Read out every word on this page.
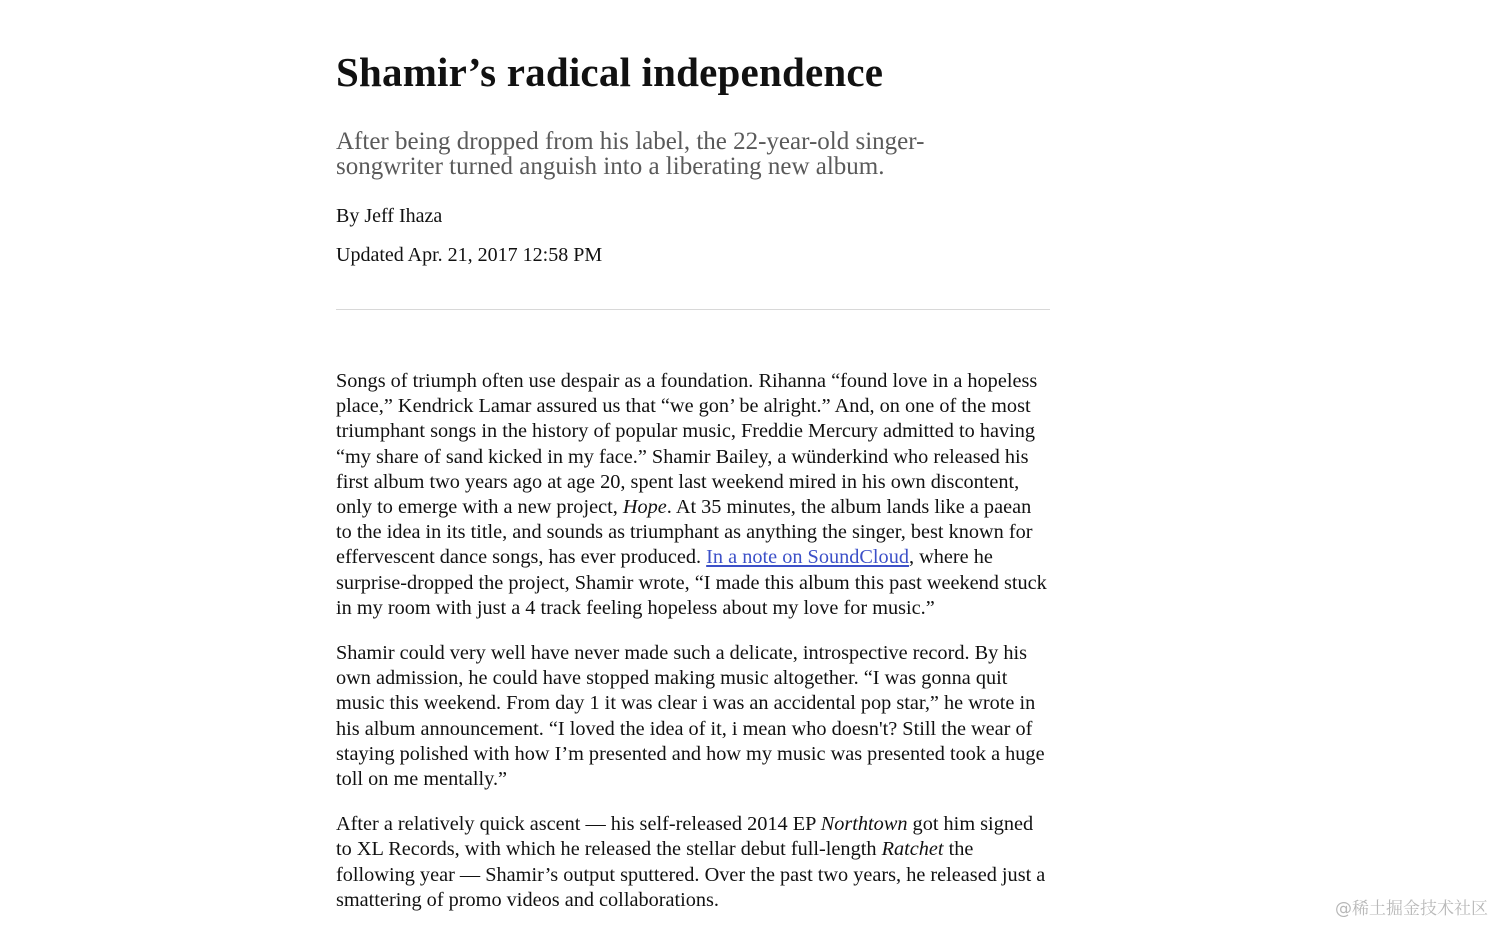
Shamir’s radical independence

After being dropped from his label, the 22-year-old singer-songwriter turned anguish into a liberating new album.

By Jeff Ihaza

Updated Apr. 21, 2017 12:58 PM

Songs of triumph often use despair as a foundation. Rihanna “found love in a hopeless place,” Kendrick Lamar assured us that “we gon’ be alright.” And, on one of the most triumphant songs in the history of popular music, Freddie Mercury admitted to having “my share of sand kicked in my face.” Shamir Bailey, a wünderkind who released his first album two years ago at age 20, spent last weekend mired in his own discontent, only to emerge with a new project, Hope. At 35 minutes, the album lands like a paean to the idea in its title, and sounds as triumphant as anything the singer, best known for effervescent dance songs, has ever produced. In a note on SoundCloud, where he surprise-dropped the project, Shamir wrote, “I made this album this past weekend stuck in my room with just a 4 track feeling hopeless about my love for music.”

Shamir could very well have never made such a delicate, introspective record. By his own admission, he could have stopped making music altogether. “I was gonna quit music this weekend. From day 1 it was clear i was an accidental pop star,” he wrote in his album announcement. “I loved the idea of it, i mean who doesn't? Still the wear of staying polished with how I’m presented and how my music was presented took a huge toll on me mentally.”

After a relatively quick ascent — his self-released 2014 EP Northtown got him signed to XL Records, with which he released the stellar debut full-length Ratchet the following year — Shamir’s output sputtered. Over the past two years, he released just a smattering of promo videos and collaborations.	@稀土掘金技术社区
